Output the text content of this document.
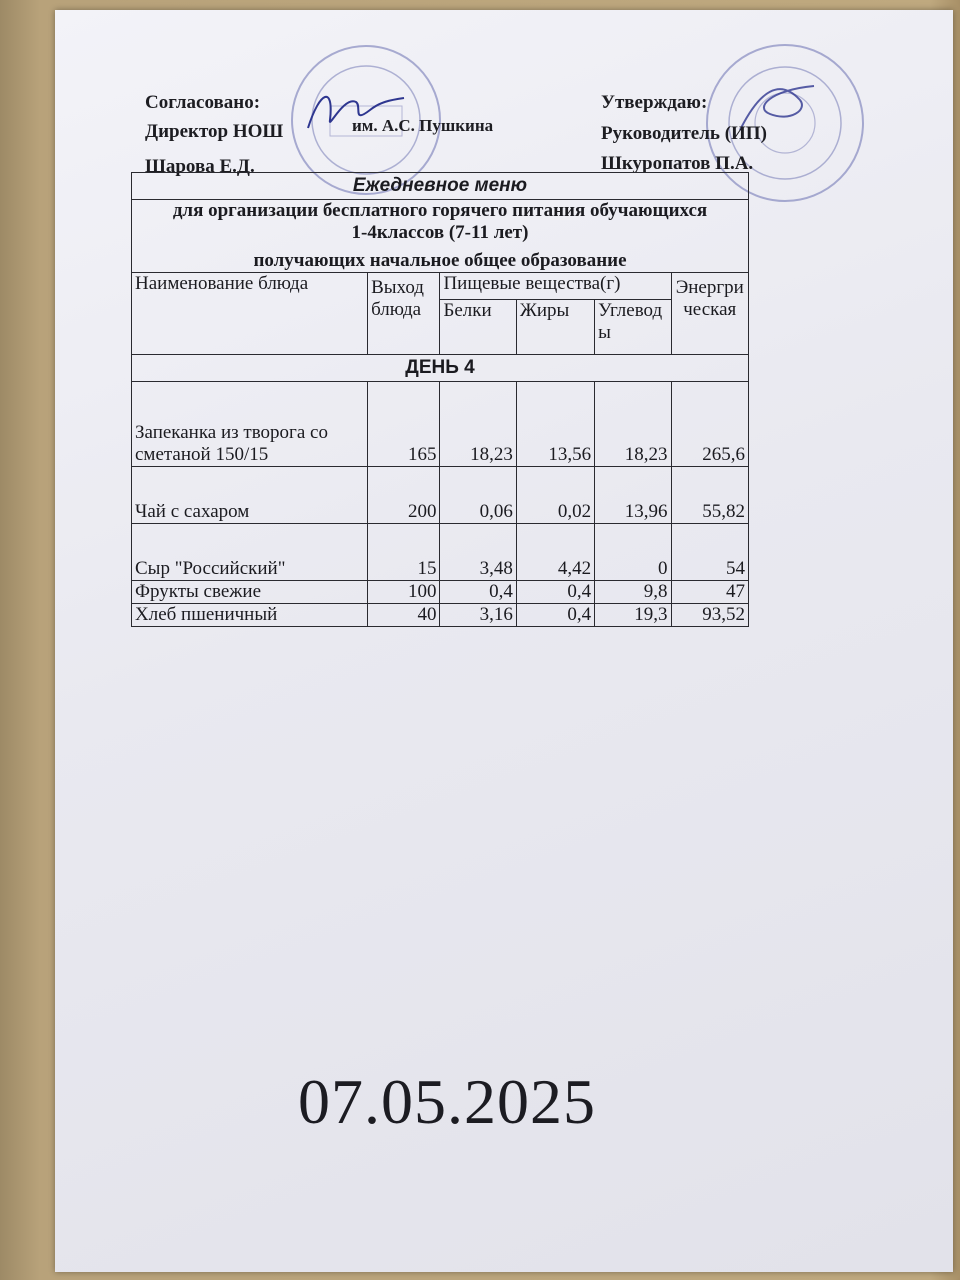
Согласовано:
Директор НОШ	им. А.С. Пушкина
Шарова Е.Д.
Утверждаю:
Руководитель (ИП)
Шкуропатов П.А.
Ежедневное меню					

для организации бесплатного горячего питания обучающихся 1-4классов (7-11 лет)
получающих начальное общее образование					

Наименование блюда	Выход блюда	Пищевые вещества(г)			Энергрическая
		Белки	Жиры	Углеводы	
ДЕНЬ 4					
Запеканка из творога со сметаной 150/15	165	18,23	13,56	18,23	265,6
Чай с сахаром	200	0,06	0,02	13,96	55,82
Сыр "Российский"	15	3,48	4,42	0	54
Фрукты свежие	100	0,4	0,4	9,8	47
Хлеб пшеничный	40	3,16	0,4	19,3	93,52
07.05.2025
